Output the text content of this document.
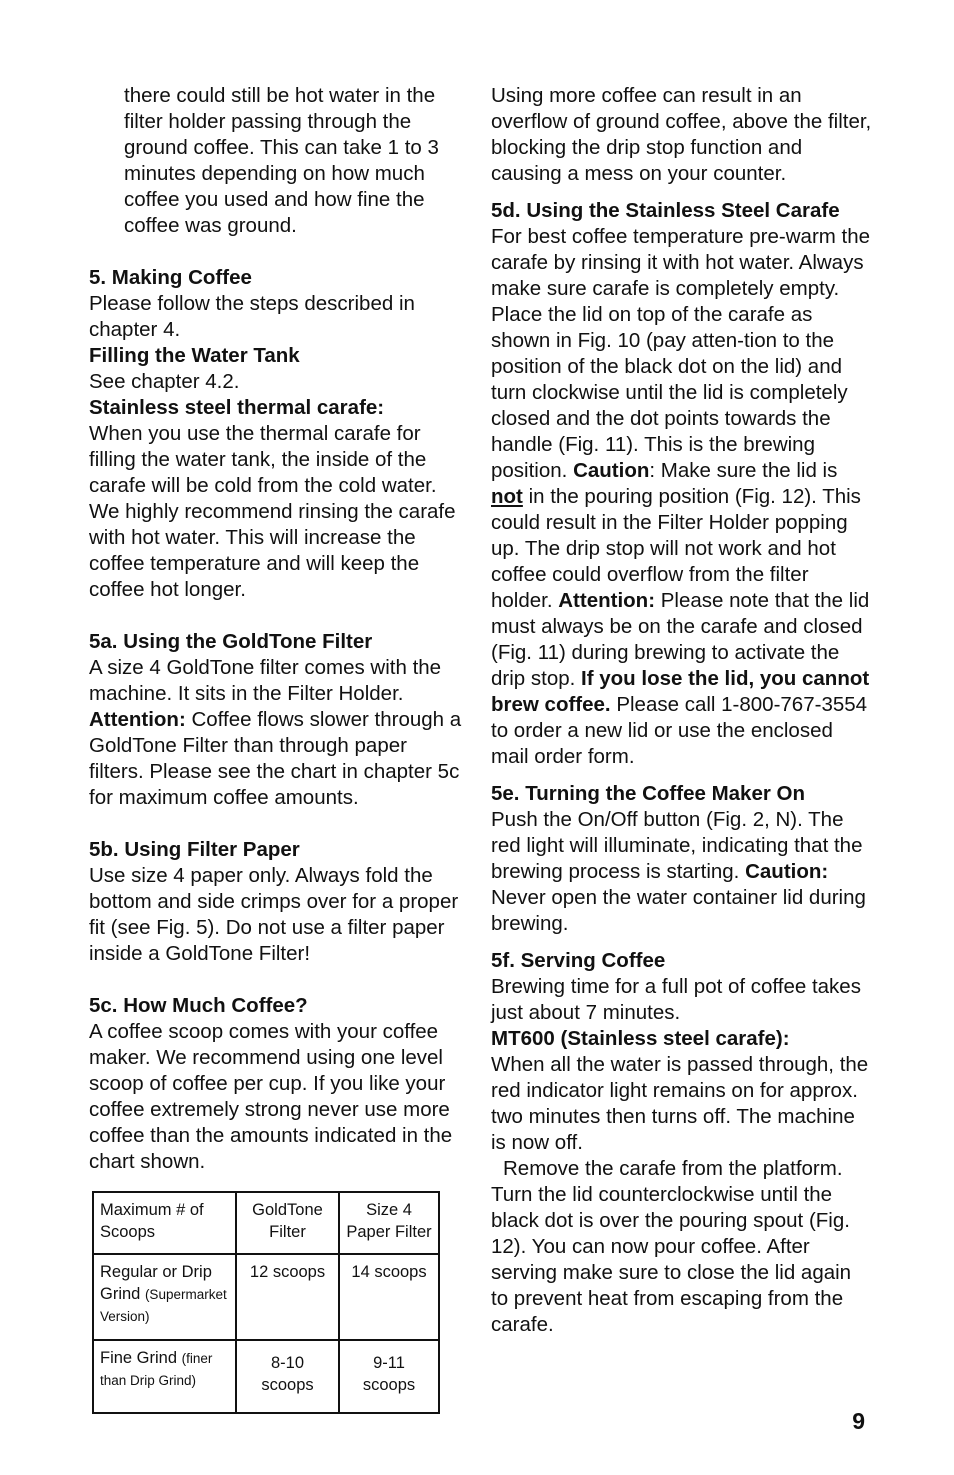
there could still be hot water in the filter holder passing through the ground coffee. This can take 1 to 3 minutes depending on how much coffee you used and how fine the coffee was ground.

5. Making Coffee

Please follow the steps described in chapter 4.

Filling the Water Tank

See chapter 4.2.

Stainless steel thermal carafe:

When you use the thermal carafe for filling the water tank, the inside of the carafe will be cold from the cold water. We highly recommend rinsing the carafe with hot water. This will increase the coffee temperature and will keep the coffee hot longer.

5a. Using the GoldTone Filter

A size 4 GoldTone filter comes with the machine. It sits in the Filter Holder. Attention: Coffee flows slower through a GoldTone Filter than through paper filters. Please see the chart in chapter 5c for maximum coffee amounts.

5b. Using Filter Paper

Use size 4 paper only. Always fold the bottom and side crimps over for a proper fit (see Fig. 5). Do not use a filter paper inside a GoldTone Filter!

5c. How Much Coffee?

A coffee scoop comes with your coffee maker. We recommend using one level scoop of coffee per cup. If you like your coffee extremely strong never use more coffee than the amounts indicated in the chart shown.

Maximum # of Scoops	GoldTone Filter	Size 4 Paper Filter
Regular or Drip Grind (Supermarket Version)	12 scoops	14 scoops
Fine Grind (finer than Drip Grind)	8-10 scoops	9-11 scoops

Using more coffee can result in an overflow of ground coffee, above the filter, blocking the drip stop function and causing a mess on your counter.

5d. Using the Stainless Steel Carafe

For best coffee temperature pre-warm the carafe by rinsing it with hot water. Always make sure carafe is completely empty. Place the lid on top of the carafe as shown in Fig. 10 (pay atten-tion to the position of the black dot on the lid) and turn clockwise until the lid is completely closed and the dot points towards the handle (Fig. 11). This is the brewing position. Caution: Make sure the lid is not in the pouring position (Fig. 12). This could result in the Filter Holder popping up. The drip stop will not work and hot coffee could overflow from the filter holder. Attention: Please note that the lid must always be on the carafe and closed (Fig. 11) during brewing to activate the drip stop. If you lose the lid, you cannot brew coffee. Please call 1-800-767-3554 to order a new lid or use the enclosed mail order form.

5e. Turning the Coffee Maker On

Push the On/Off button (Fig. 2, N). The red light will illuminate, indicating that the brewing process is starting. Caution: Never open the water container lid during brewing.

5f. Serving Coffee

Brewing time for a full pot of coffee takes just about 7 minutes.

MT600 (Stainless steel carafe):

When all the water is passed through, the red indicator light remains on for approx. two minutes then turns off. The machine is now off.

Remove the carafe from the platform. Turn the lid counterclockwise until the black dot is over the pouring spout (Fig. 12). You can now pour coffee. After serving make sure to close the lid again to prevent heat from escaping from the carafe.

9
